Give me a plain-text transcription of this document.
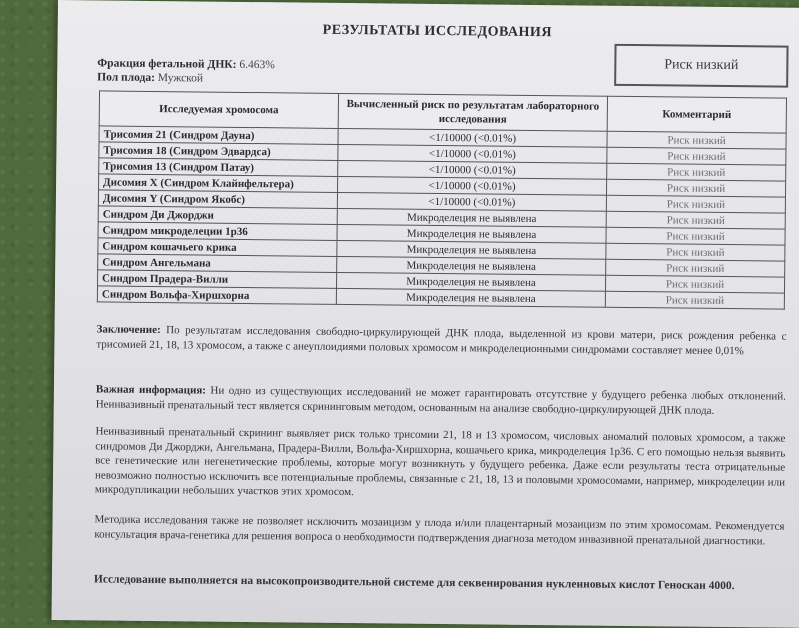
РЕЗУЛЬТАТЫ ИССЛЕДОВАНИЯ
Фракция фетальной ДНК: 6.463%
Пол плода: Мужской
Риск низкий
Исследуемая хромосома	Вычисленный риск по результатам лабораторного исследования	Комментарий
Трисомия 21 (Синдром Дауна)	<1/10000 (<0.01%)	Риск низкий
Трисомия 18 (Синдром Эдвардса)	<1/10000 (<0.01%)	Риск низкий
Трисомия 13 (Синдром Патау)	<1/10000 (<0.01%)	Риск низкий
Дисомия X (Синдром Клайнфельтера)	<1/10000 (<0.01%)	Риск низкий
Дисомия Y (Синдром Якобс)	<1/10000 (<0.01%)	Риск низкий
Синдром Ди Джорджи	Микроделеция не выявлена	Риск низкий
Синдром микроделеции 1р36	Микроделеция не выявлена	Риск низкий
Синдром кошачьего крика	Микроделеция не выявлена	Риск низкий
Синдром Ангельмана	Микроделеция не выявлена	Риск низкий
Синдром Прадера-Вилли	Микроделеция не выявлена	Риск низкий
Синдром Вольфа-Хиршхорна	Микроделеция не выявлена	Риск низкий
Заключение: По результатам исследования свободно-циркулирующей ДНК плода, выделенной из крови матери, риск рождения ребенка с трисомией 21, 18, 13 хромосом, а также с анеуплоидиями половых хромосом и микроделеционными синдромами составляет менее 0,01%
Важная информация: Ни одно из существующих исследований не может гарантировать отсутствие у будущего ребенка любых отклонений. Неинвазивный пренатальный тест является скрининговым методом, основанным на анализе свободно-циркулирующей ДНК плода.
Неинвазивный пренатальный скрининг выявляет риск только трисомии 21, 18 и 13 хромосом, числовых аномалий половых хромосом, а также синдромов Ди Джорджи, Ангельмана, Прадера-Вилли, Вольфа-Хиршхорна, кошачьего крика, микроделеция 1р36. С его помощью нельзя выявить все генетические или негенетические проблемы, которые могут возникнуть у будущего ребенка. Даже если результаты теста отрицательные невозможно полностью исключить все потенциальные проблемы, связанные с 21, 18, 13 и половыми хромосомами, например, микроделеции или микродупликации небольших участков этих хромосом.
Методика исследования также не позволяет исключить мозаицизм у плода и/или плацентарный мозаицизм по этим хромосомам. Рекомендуется консультация врача-генетика для решения вопроса о необходимости подтверждения диагноза методом инвазивной пренатальной диагностики.
Исследование выполняется на высокопроизводительной системе для секвенирования нуклеиновых кислот Геноскан 4000.
